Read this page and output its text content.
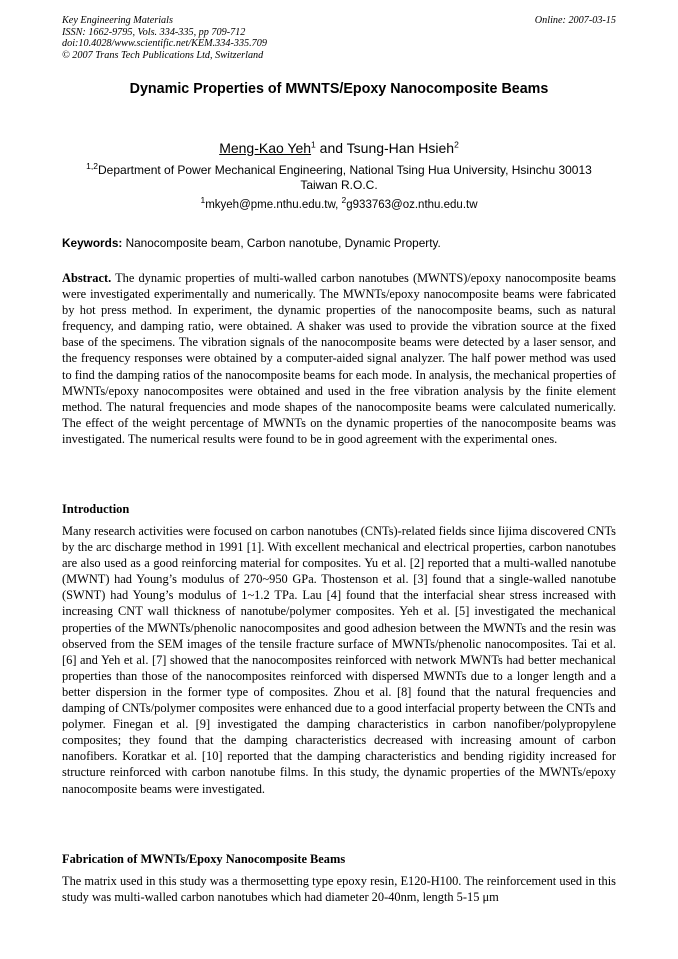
Key Engineering Materials
ISSN: 1662-9795, Vols. 334-335, pp 709-712
doi:10.4028/www.scientific.net/KEM.334-335.709
© 2007 Trans Tech Publications Ltd, Switzerland
Online: 2007-03-15
Dynamic Properties of MWNTS/Epoxy Nanocomposite Beams
Meng-Kao Yeh$^1$ and Tsung-Han Hsieh$^2$
$^{1,2}$Department of Power Mechanical Engineering, National Tsing Hua University, Hsinchu 30013
Taiwan R.O.C.
$^1$mkyeh@pme.nthu.edu.tw, $^2$g933763@oz.nthu.edu.tw
Keywords: Nanocomposite beam, Carbon nanotube, Dynamic Property.
Abstract. The dynamic properties of multi-walled carbon nanotubes (MWNTS)/epoxy nanocomposite beams were investigated experimentally and numerically. The MWNTs/epoxy nanocomposite beams were fabricated by hot press method. In experiment, the dynamic properties of the nanocomposite beams, such as natural frequency, and damping ratio, were obtained. A shaker was used to provide the vibration source at the fixed base of the specimens. The vibration signals of the nanocomposite beams were detected by a laser sensor, and the frequency responses were obtained by a computer-aided signal analyzer. The half power method was used to find the damping ratios of the nanocomposite beams for each mode. In analysis, the mechanical properties of MWNTs/epoxy nanocomposites were obtained and used in the free vibration analysis by the finite element method. The natural frequencies and mode shapes of the nanocomposite beams were calculated numerically. The effect of the weight percentage of MWNTs on the dynamic properties of the nanocomposite beams was investigated. The numerical results were found to be in good agreement with the experimental ones.
Introduction
Many research activities were focused on carbon nanotubes (CNTs)-related fields since Iijima discovered CNTs by the arc discharge method in 1991 [1]. With excellent mechanical and electrical properties, carbon nanotubes are also used as a good reinforcing material for composites. Yu et al. [2] reported that a multi-walled nanotube (MWNT) had Young’s modulus of 270~950 GPa. Thostenson et al. [3] found that a single-walled nanotube (SWNT) had Young’s modulus of 1~1.2 TPa. Lau [4] found that the interfacial shear stress increased with increasing CNT wall thickness of nanotube/polymer composites. Yeh et al. [5] investigated the mechanical properties of the MWNTs/phenolic nanocomposites and good adhesion between the MWNTs and the resin was observed from the SEM images of the tensile fracture surface of MWNTs/phenolic nanocomposites. Tai et al. [6] and Yeh et al. [7] showed that the nanocomposites reinforced with network MWNTs had better mechanical properties than those of the nanocomposites reinforced with dispersed MWNTs due to a longer length and a better dispersion in the former type of composites. Zhou et al. [8] found that the natural frequencies and damping of CNTs/polymer composites were enhanced due to a good interfacial property between the CNTs and polymer. Finegan et al. [9] investigated the damping characteristics in carbon nanofiber/polypropylene composites; they found that the damping characteristics decreased with increasing amount of carbon nanofibers. Koratkar et al. [10] reported that the damping characteristics and bending rigidity increased for structure reinforced with carbon nanotube films. In this study, the dynamic properties of the MWNTs/epoxy nanocomposite beams were investigated.
Fabrication of MWNTs/Epoxy Nanocomposite Beams
The matrix used in this study was a thermosetting type epoxy resin, E120-H100. The reinforcement used in this study was multi-walled carbon nanotubes which had diameter 20-40nm, length 5-15 μm
